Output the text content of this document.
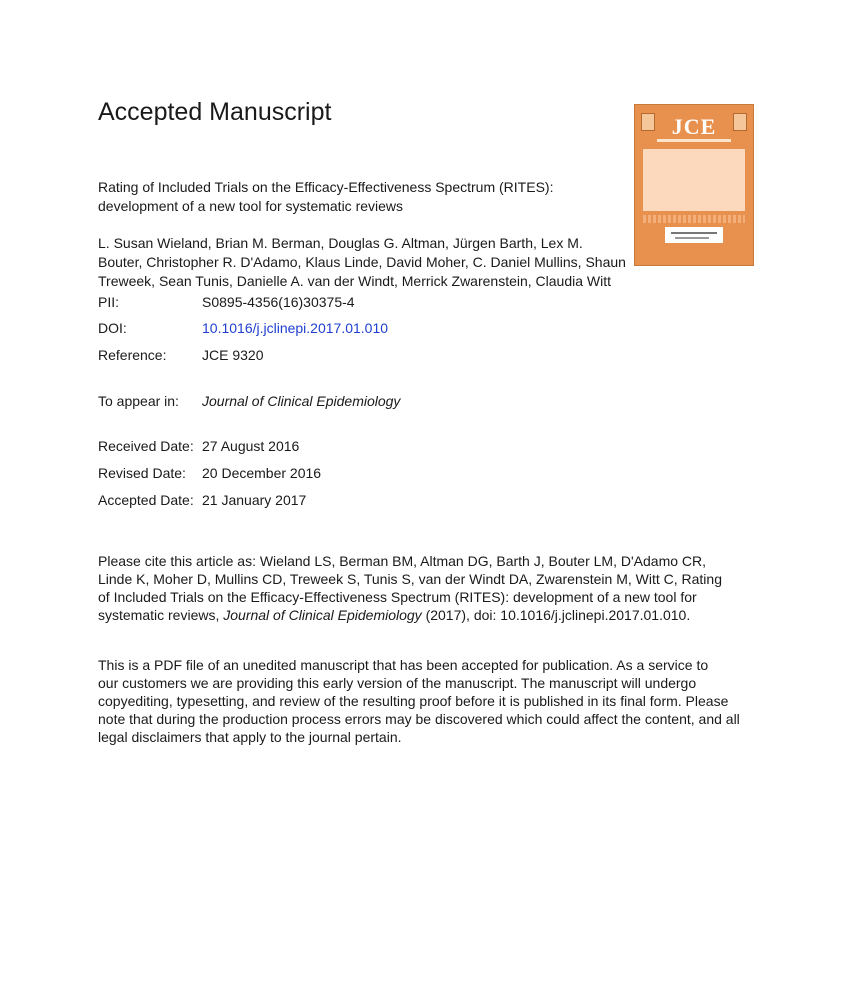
Accepted Manuscript
JCE

Rating of Included Trials on the Efficacy-Effectiveness Spectrum (RITES):
development of a new tool for systematic reviews

L. Susan Wieland, Brian M. Berman, Douglas G. Altman, Jürgen Barth, Lex M.
Bouter, Christopher R. D'Adamo, Klaus Linde, David Moher, C. Daniel Mullins, Shaun
Treweek, Sean Tunis, Danielle A. van der Windt, Merrick Zwarenstein, Claudia Witt

PII:	S0895-4356(16)30375-4
DOI:	10.1016/j.jclinepi.2017.01.010
Reference:	JCE 9320
To appear in: Journal of Clinical Epidemiology
Received Date: 27 August 2016
Revised Date: 20 December 2016
Accepted Date: 21 January 2017

Please cite this article as: Wieland LS, Berman BM, Altman DG, Barth J, Bouter LM, D'Adamo CR,
Linde K, Moher D, Mullins CD, Treweek S, Tunis S, van der Windt DA, Zwarenstein M, Witt C, Rating
of Included Trials on the Efficacy-Effectiveness Spectrum (RITES): development of a new tool for
systematic reviews, Journal of Clinical Epidemiology (2017), doi: 10.1016/j.jclinepi.2017.01.010.

This is a PDF file of an unedited manuscript that has been accepted for publication. As a service to
our customers we are providing this early version of the manuscript. The manuscript will undergo
copyediting, typesetting, and review of the resulting proof before it is published in its final form. Please
note that during the production process errors may be discovered which could affect the content, and all
legal disclaimers that apply to the journal pertain.
